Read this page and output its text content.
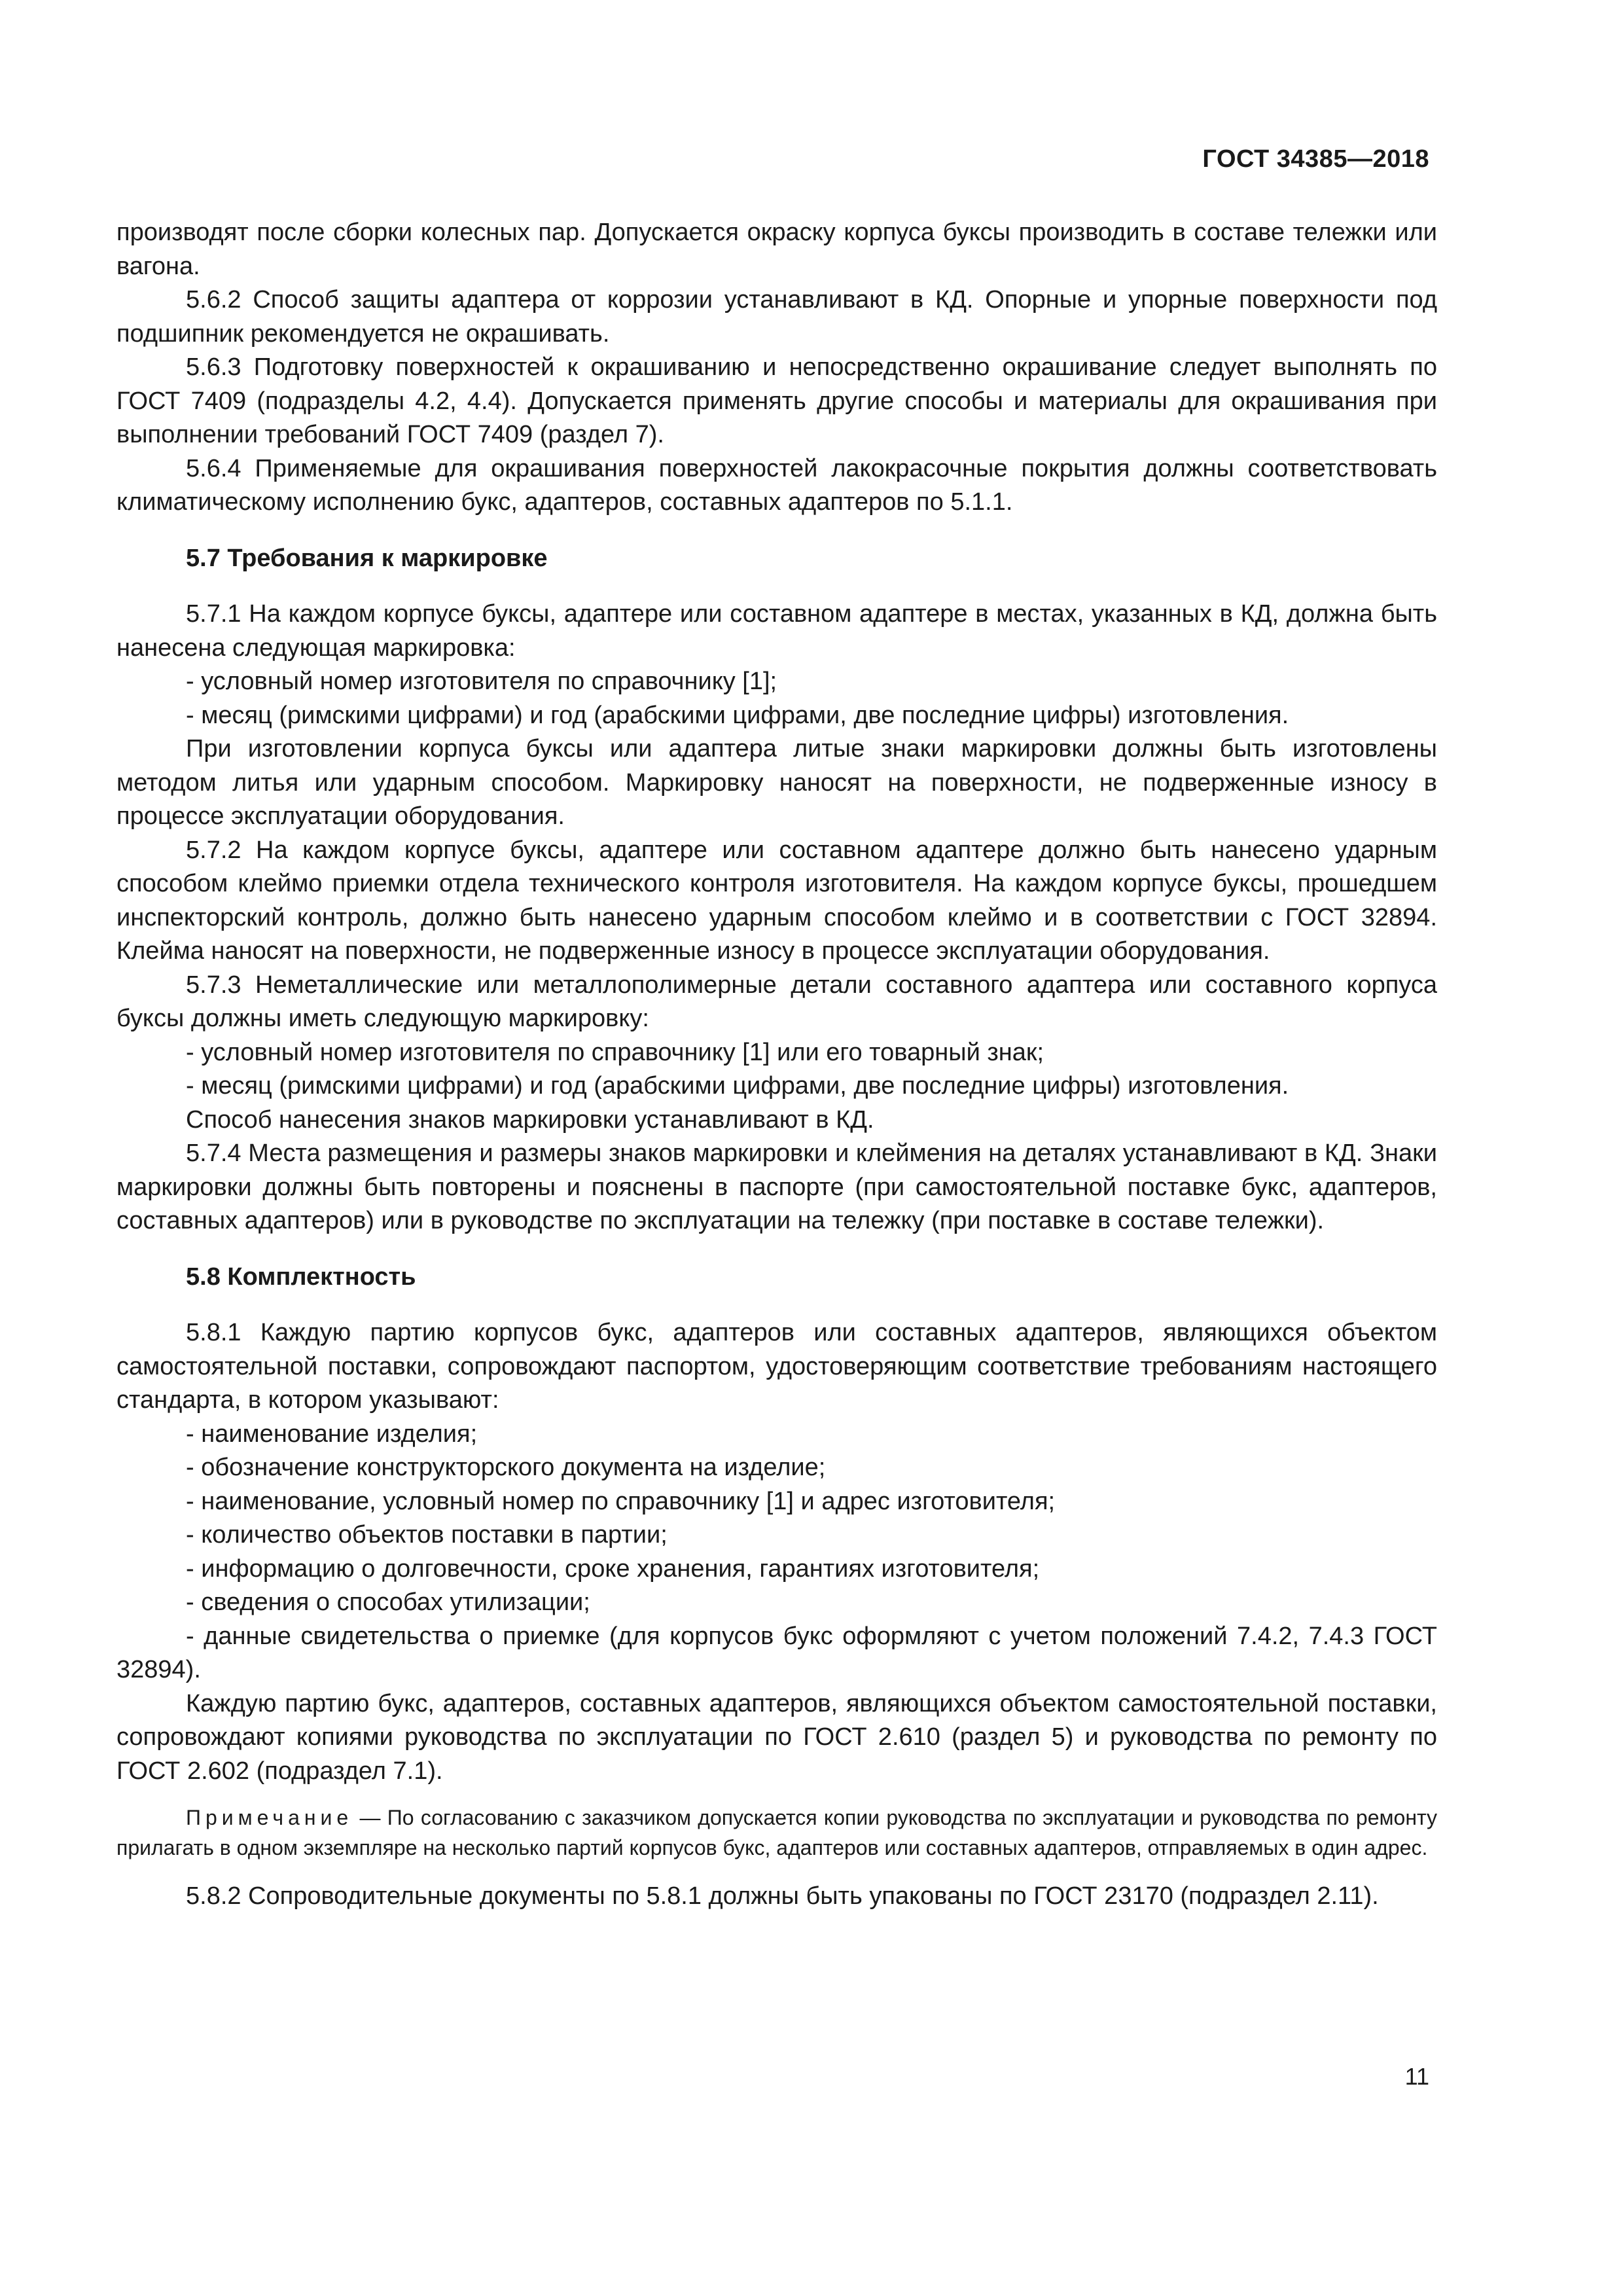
ГОСТ 34385—2018

производят после сборки колесных пар. Допускается окраску корпуса буксы производить в составе тележки или вагона.

5.6.2 Способ защиты адаптера от коррозии устанавливают в КД. Опорные и упорные поверхности под подшипник рекомендуется не окрашивать.

5.6.3 Подготовку поверхностей к окрашиванию и непосредственно окрашивание следует выполнять по ГОСТ 7409 (подразделы 4.2, 4.4). Допускается применять другие способы и материалы для окрашивания при выполнении требований ГОСТ 7409 (раздел 7).

5.6.4 Применяемые для окрашивания поверхностей лакокрасочные покрытия должны соответствовать климатическому исполнению букс, адаптеров, составных адаптеров по 5.1.1.

5.7 Требования к маркировке

5.7.1 На каждом корпусе буксы, адаптере или составном адаптере в местах, указанных в КД, должна быть нанесена следующая маркировка:

- условный номер изготовителя по справочнику [1];

- месяц (римскими цифрами) и год (арабскими цифрами, две последние цифры) изготовления.

При изготовлении корпуса буксы или адаптера литые знаки маркировки должны быть изготовлены методом литья или ударным способом. Маркировку наносят на поверхности, не подверженные износу в процессе эксплуатации оборудования.

5.7.2 На каждом корпусе буксы, адаптере или составном адаптере должно быть нанесено ударным способом клеймо приемки отдела технического контроля изготовителя. На каждом корпусе буксы, прошедшем инспекторский контроль, должно быть нанесено ударным способом клеймо и в соответствии с ГОСТ 32894. Клейма наносят на поверхности, не подверженные износу в процессе эксплуатации оборудования.

5.7.3 Неметаллические или металлополимерные детали составного адаптера или составного корпуса буксы должны иметь следующую маркировку:

- условный номер изготовителя по справочнику [1] или его товарный знак;

- месяц (римскими цифрами) и год (арабскими цифрами, две последние цифры) изготовления.

Способ нанесения знаков маркировки устанавливают в КД.

5.7.4 Места размещения и размеры знаков маркировки и клеймения на деталях устанавливают в КД. Знаки маркировки должны быть повторены и пояснены в паспорте (при самостоятельной поставке букс, адаптеров, составных адаптеров) или в руководстве по эксплуатации на тележку (при поставке в составе тележки).

5.8 Комплектность

5.8.1 Каждую партию корпусов букс, адаптеров или составных адаптеров, являющихся объектом самостоятельной поставки, сопровождают паспортом, удостоверяющим соответствие требованиям настоящего стандарта, в котором указывают:

- наименование изделия;

- обозначение конструкторского документа на изделие;

- наименование, условный номер по справочнику [1] и адрес изготовителя;

- количество объектов поставки в партии;

- информацию о долговечности, сроке хранения, гарантиях изготовителя;

- сведения о способах утилизации;

- данные свидетельства о приемке (для корпусов букс оформляют с учетом положений 7.4.2, 7.4.3 ГОСТ 32894).

Каждую партию букс, адаптеров, составных адаптеров, являющихся объектом самостоятельной поставки, сопровождают копиями руководства по эксплуатации по ГОСТ 2.610 (раздел 5) и руководства по ремонту по ГОСТ 2.602 (подраздел 7.1).

Примечание — По согласованию с заказчиком допускается копии руководства по эксплуатации и руководства по ремонту прилагать в одном экземпляре на несколько партий корпусов букс, адаптеров или составных адаптеров, отправляемых в один адрес.

5.8.2 Сопроводительные документы по 5.8.1 должны быть упакованы по ГОСТ 23170 (подраздел 2.11).

11
